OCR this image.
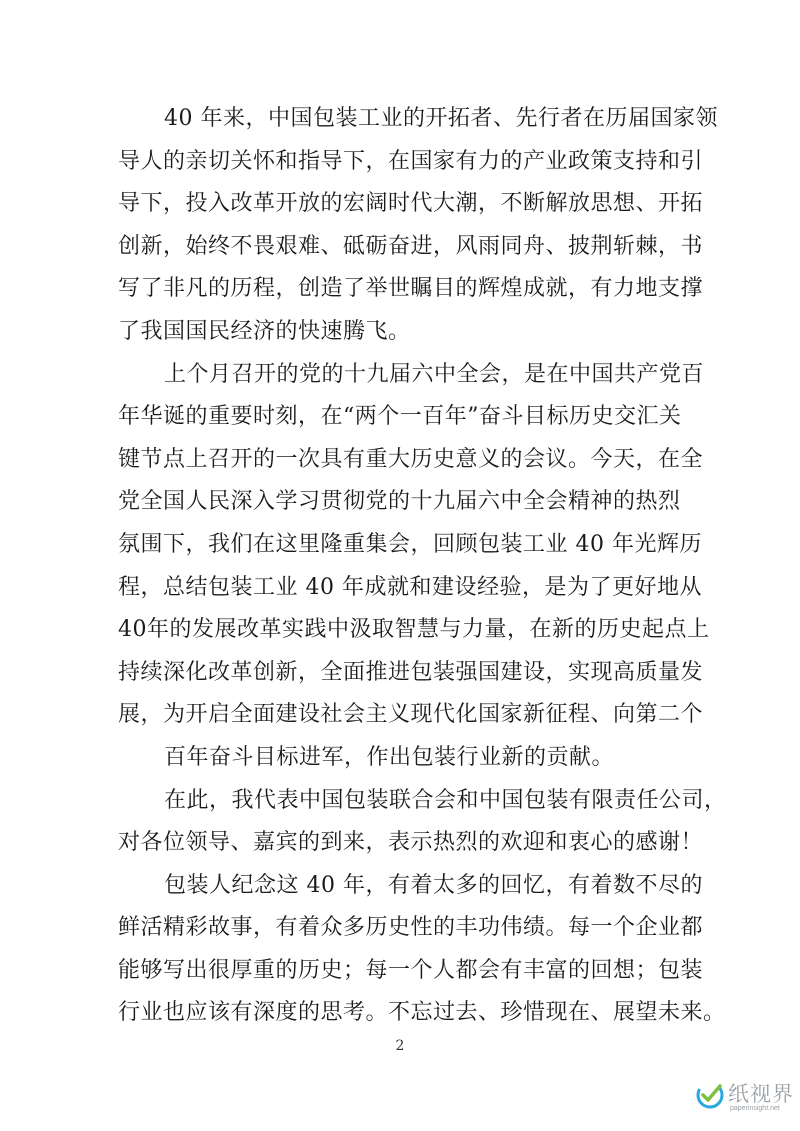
40 年来，中国包装工业的开拓者、先行者在历届国家领
导人的亲切关怀和指导下，在国家有力的产业政策支持和引
导下，投入改革开放的宏阔时代大潮，不断解放思想、开拓
创新，始终不畏艰难、砥砺奋进，风雨同舟、披荆斩棘，书
写了非凡的历程，创造了举世瞩目的辉煌成就，有力地支撑
了我国国民经济的快速腾飞。
上个月召开的党的十九届六中全会，是在中国共产党百
年华诞的重要时刻，在“两个一百年”奋斗目标历史交汇关
键节点上召开的一次具有重大历史意义的会议。今天，在全
党全国人民深入学习贯彻党的十九届六中全会精神的热烈
氛围下，我们在这里隆重集会，回顾包装工业 40 年光辉历
程，总结包装工业 40 年成就和建设经验，是为了更好地从
40年的发展改革实践中汲取智慧与力量，在新的历史起点上
持续深化改革创新，全面推进包装强国建设，实现高质量发
展，为开启全面建设社会主义现代化国家新征程、向第二个
百年奋斗目标进军，作出包装行业新的贡献。
在此，我代表中国包装联合会和中国包装有限责任公司，
对各位领导、嘉宾的到来，表示热烈的欢迎和衷心的感谢！
包装人纪念这 40 年，有着太多的回忆，有着数不尽的
鲜活精彩故事，有着众多历史性的丰功伟绩。每一个企业都
能够写出很厚重的历史；每一个人都会有丰富的回想；包装
行业也应该有深度的思考。不忘过去、珍惜现在、展望未来。
2
纸视界
paperinsight.net
